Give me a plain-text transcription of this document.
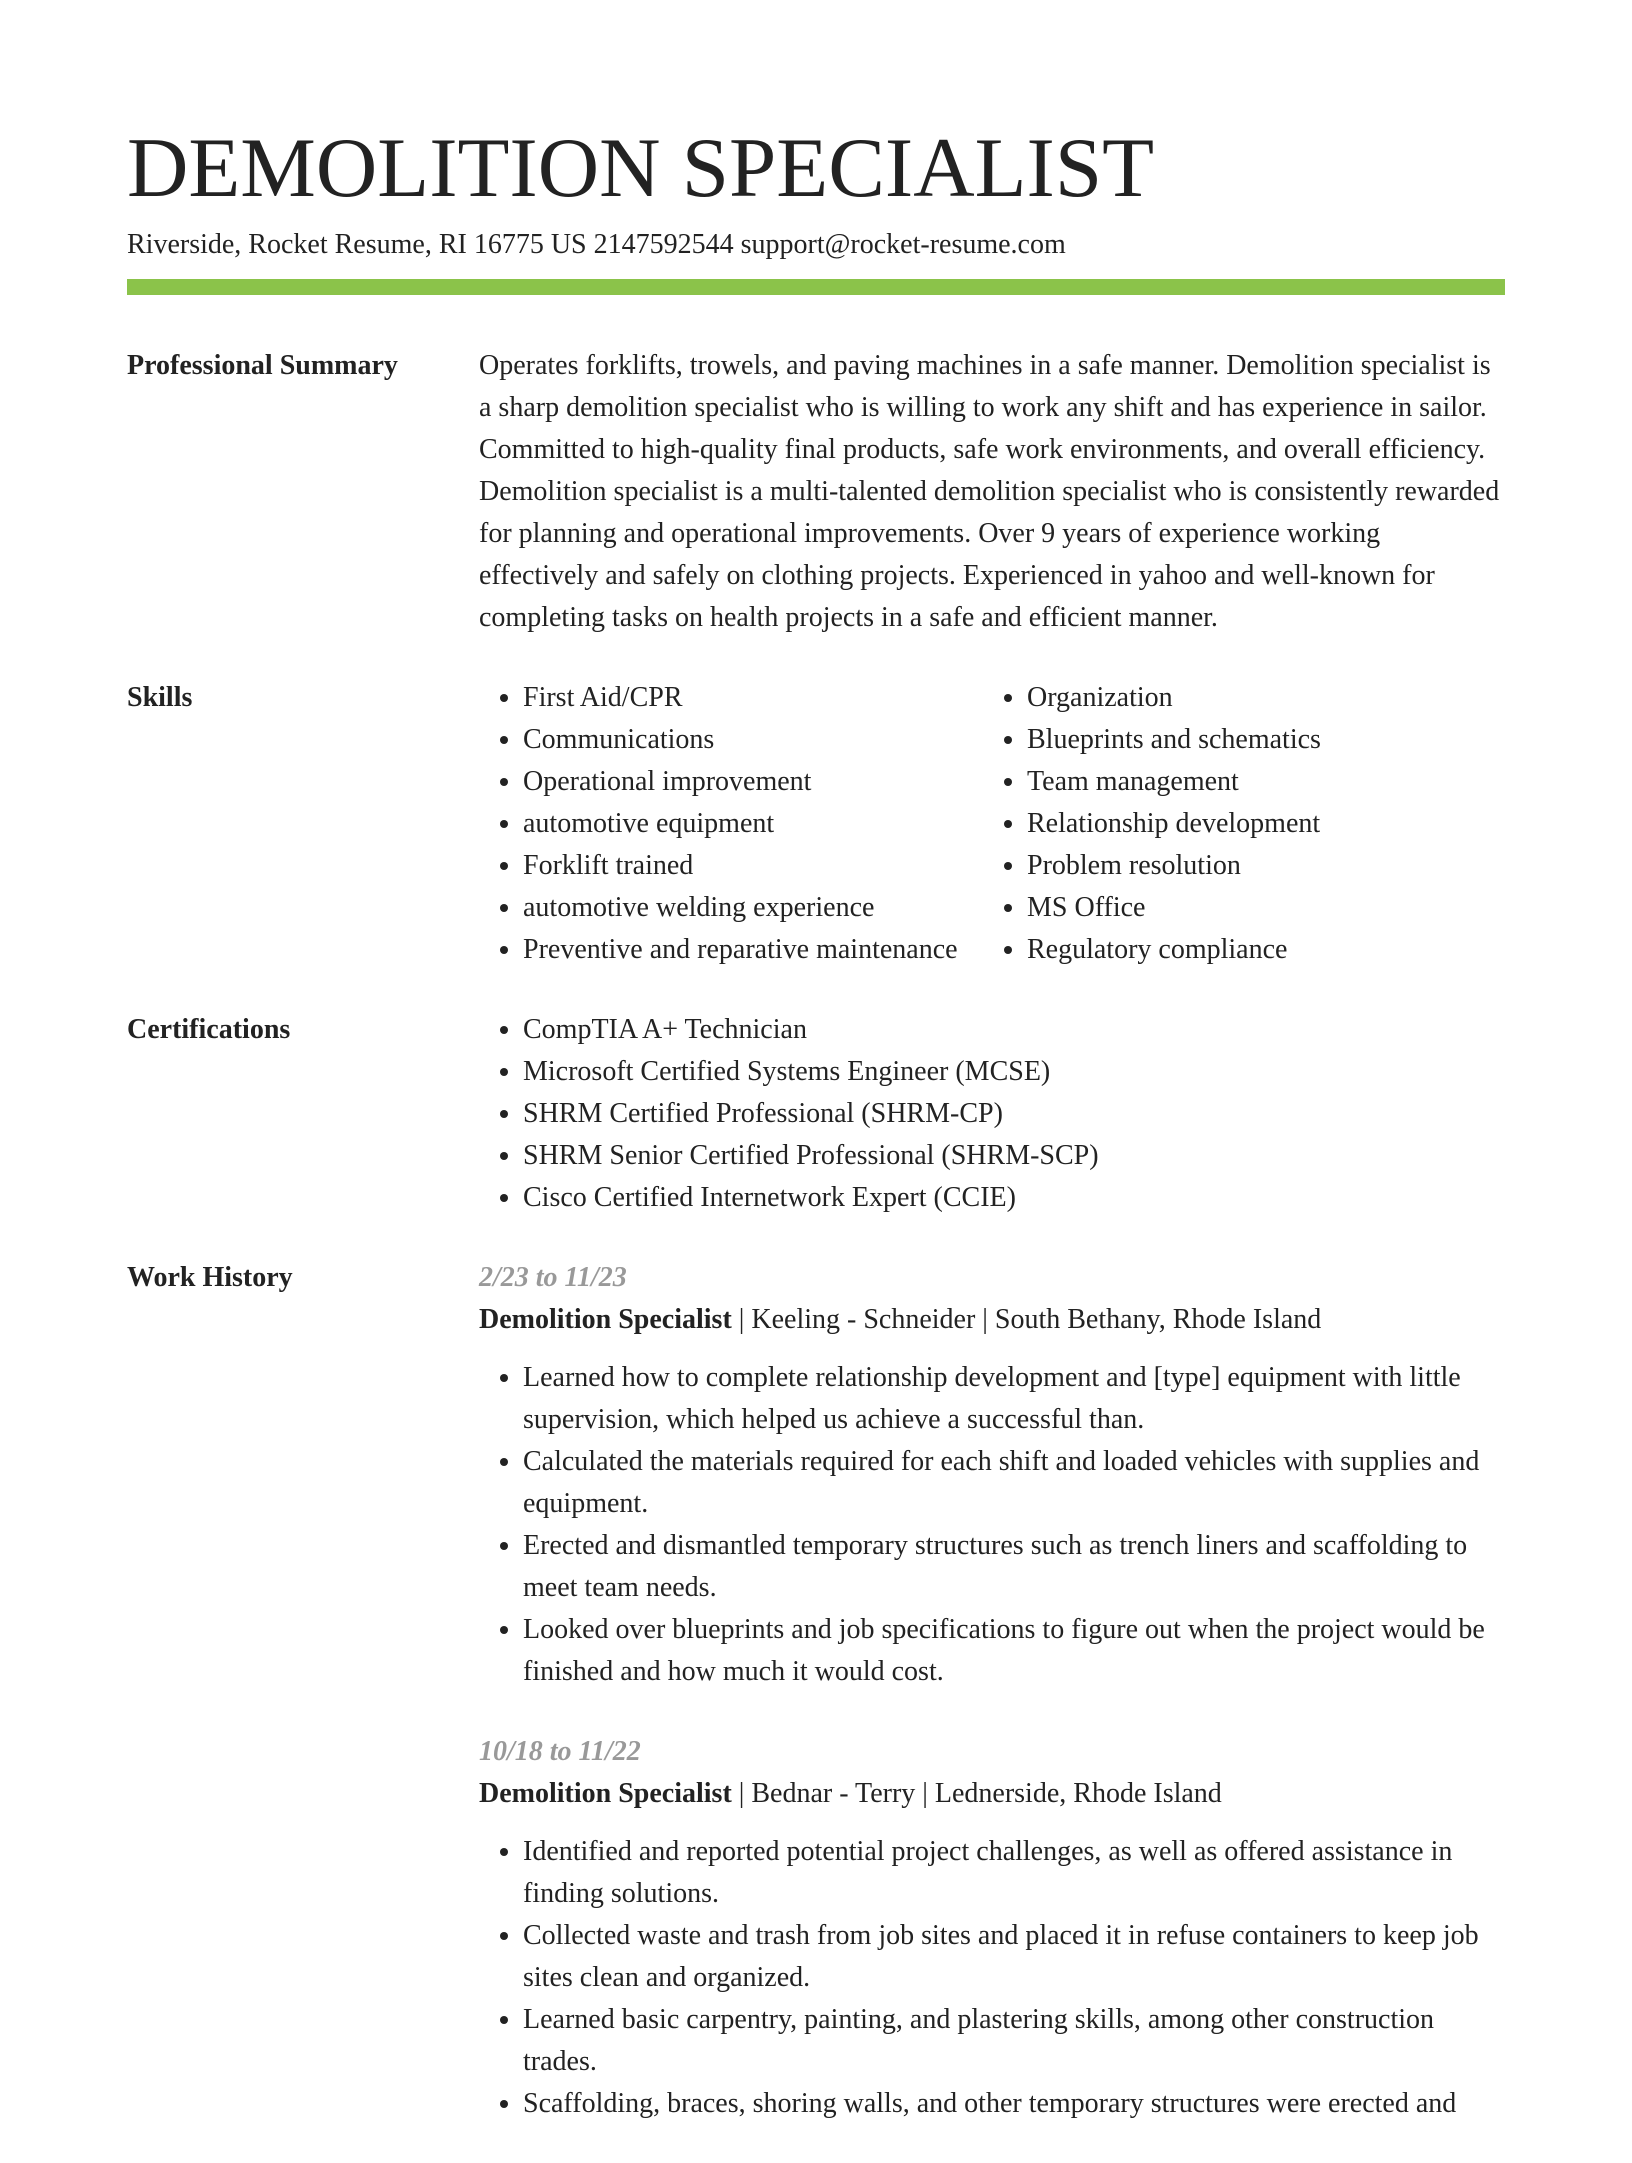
DEMOLITION SPECIALIST
Riverside, Rocket Resume, RI 16775 US 2147592544 support@rocket-resume.com
Professional Summary	Operates forklifts, trowels, and paving machines in a safe manner. Demolition specialist is a sharp demolition specialist who is willing to work any shift and has experience in sailor. Committed to high-quality final products, safe work environments, and overall efficiency. Demolition specialist is a multi-talented demolition specialist who is consistently rewarded for planning and operational improvements. Over 9 years of experience working effectively and safely on clothing projects. Experienced in yahoo and well-known for completing tasks on health projects in a safe and efficient manner.

Skills	• First Aid/CPR
• Communications
• Operational improvement
• automotive equipment
• Forklift trained
• automotive welding experience
• Preventive and reparative maintenance
• Organization
• Blueprints and schematics
• Team management
• Relationship development
• Problem resolution
• MS Office
• Regulatory compliance
Certifications	• CompTIA A+ Technician
• Microsoft Certified Systems Engineer (MCSE)
• SHRM Certified Professional (SHRM-CP)
• SHRM Senior Certified Professional (SHRM-SCP)
• Cisco Certified Internetwork Expert (CCIE)
Work History	2/23 to 11/23
Demolition Specialist | Keeling - Schneider | South Bethany, Rhode Island
• Learned how to complete relationship development and [type] equipment with little supervision, which helped us achieve a successful than.
• Calculated the materials required for each shift and loaded vehicles with supplies and equipment.
• Erected and dismantled temporary structures such as trench liners and scaffolding to meet team needs.
• Looked over blueprints and job specifications to figure out when the project would be finished and how much it would cost.
10/18 to 11/22
Demolition Specialist | Bednar - Terry | Lednerside, Rhode Island
• Identified and reported potential project challenges, as well as offered assistance in finding solutions.
• Collected waste and trash from job sites and placed it in refuse containers to keep job sites clean and organized.
• Learned basic carpentry, painting, and plastering skills, among other construction trades.
• Scaffolding, braces, shoring walls, and other temporary structures were erected and
